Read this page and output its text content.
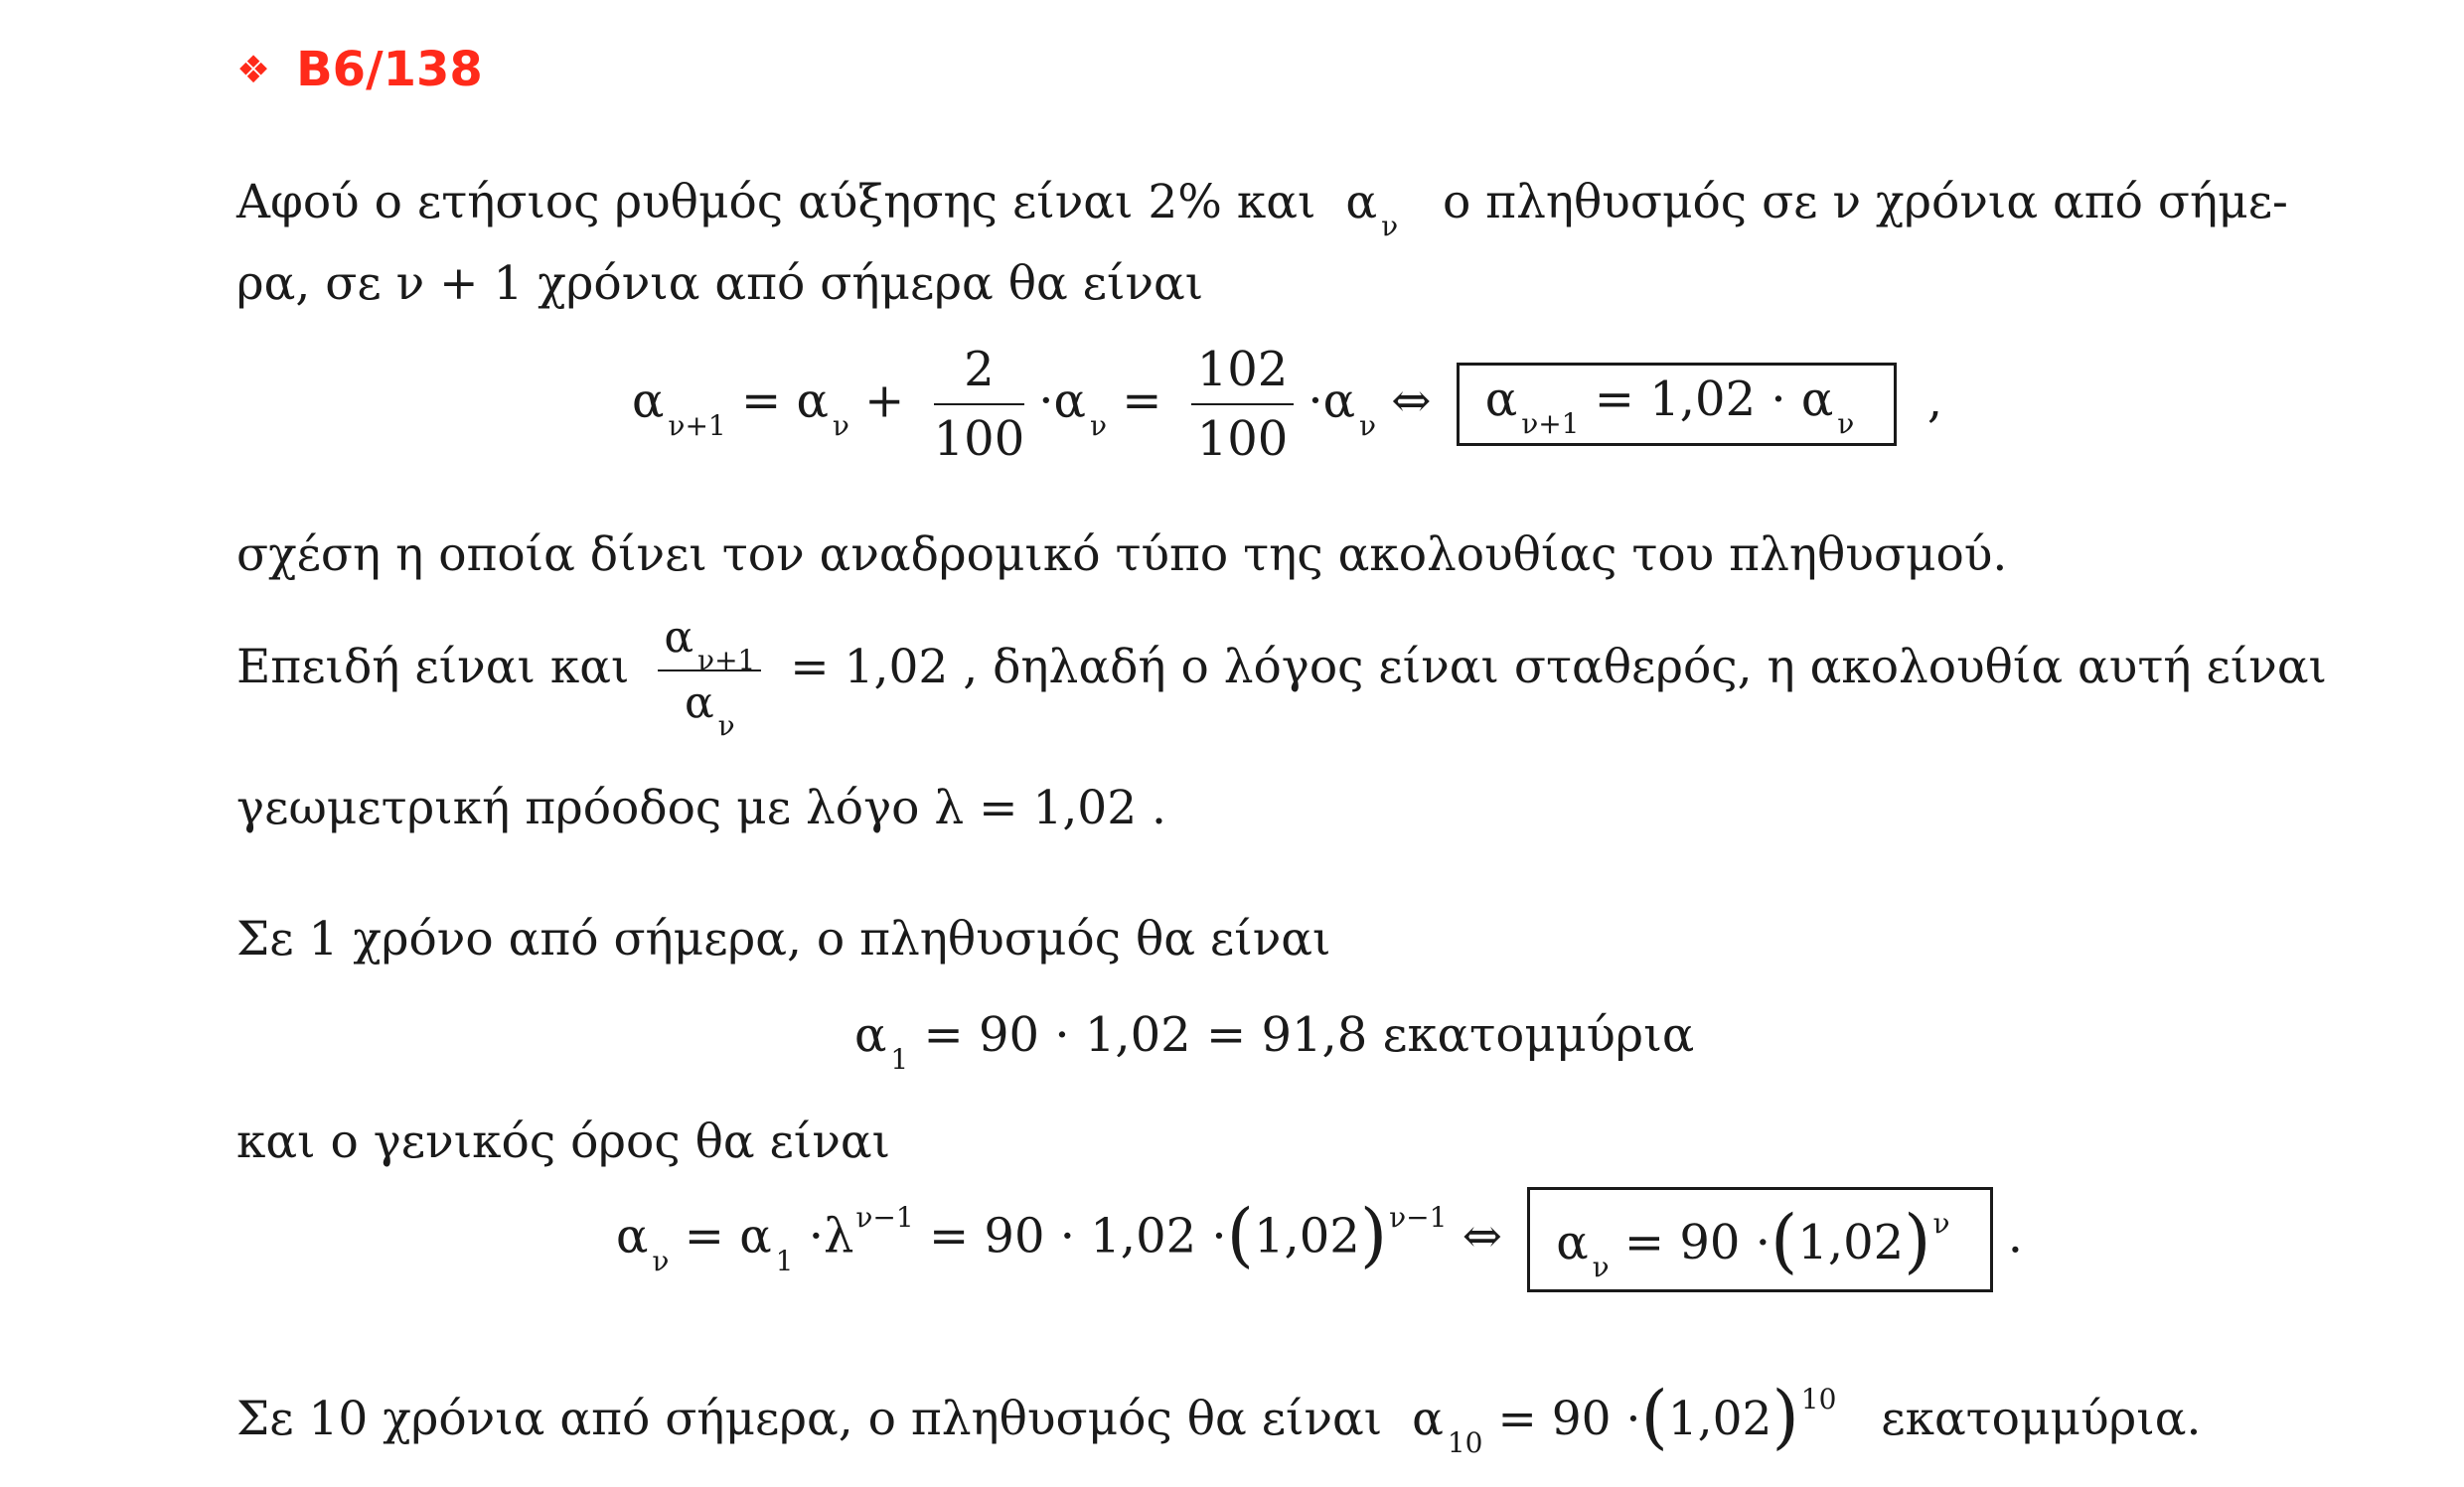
❖ B6/138
Αφού ο ετήσιος ρυθμός αύξησης είναι 2% και  α $_\nu$ ο πληθυσμός σε ν χρόνια από σήμε-
ρα, σε ν + 1 χρόνια από σήμερα θα είναι
α $_{\nu+1}$ = α $_\nu + \frac{2}{100} \cdot\alpha$ $_\nu = \frac{102}{100} \cdot\alpha$ $_\nu$ ⇔ α $_{\nu+1}$ = 1,02 · α $_\nu$  ,
σχέση η οποία δίνει τον αναδρομικό τύπο της ακολουθίας του πληθυσμού.
Επειδή είναι και $\frac{\alpha _{\nu+1}}{\alpha _\nu} = 1,02$ , δηλαδή ο λόγος είναι σταθερός, η ακολουθία αυτή είναι
γεωμετρική πρόοδος με λόγο λ = 1,02 .
Σε 1 χρόνο από σήμερα, ο πληθυσμός θα είναι
α $_1$ = 90 · 1,02 = 91,8 εκατομμύρια
και ο γενικός όρος θα είναι
α $_\nu$ = α $_1 \cdot\lambda^{\nu-1} = 90 \cdot 1,02 \cdot(1,02)^{\nu-1}$ ⇔ α $_\nu = 90 \cdot(1,02)^\nu$ .
Σε 10 χρόνια από σήμερα, ο πληθυσμός θα είναι  α $_{10} = 90 \cdot(1,02)^{10}$ εκατομμύρια.
